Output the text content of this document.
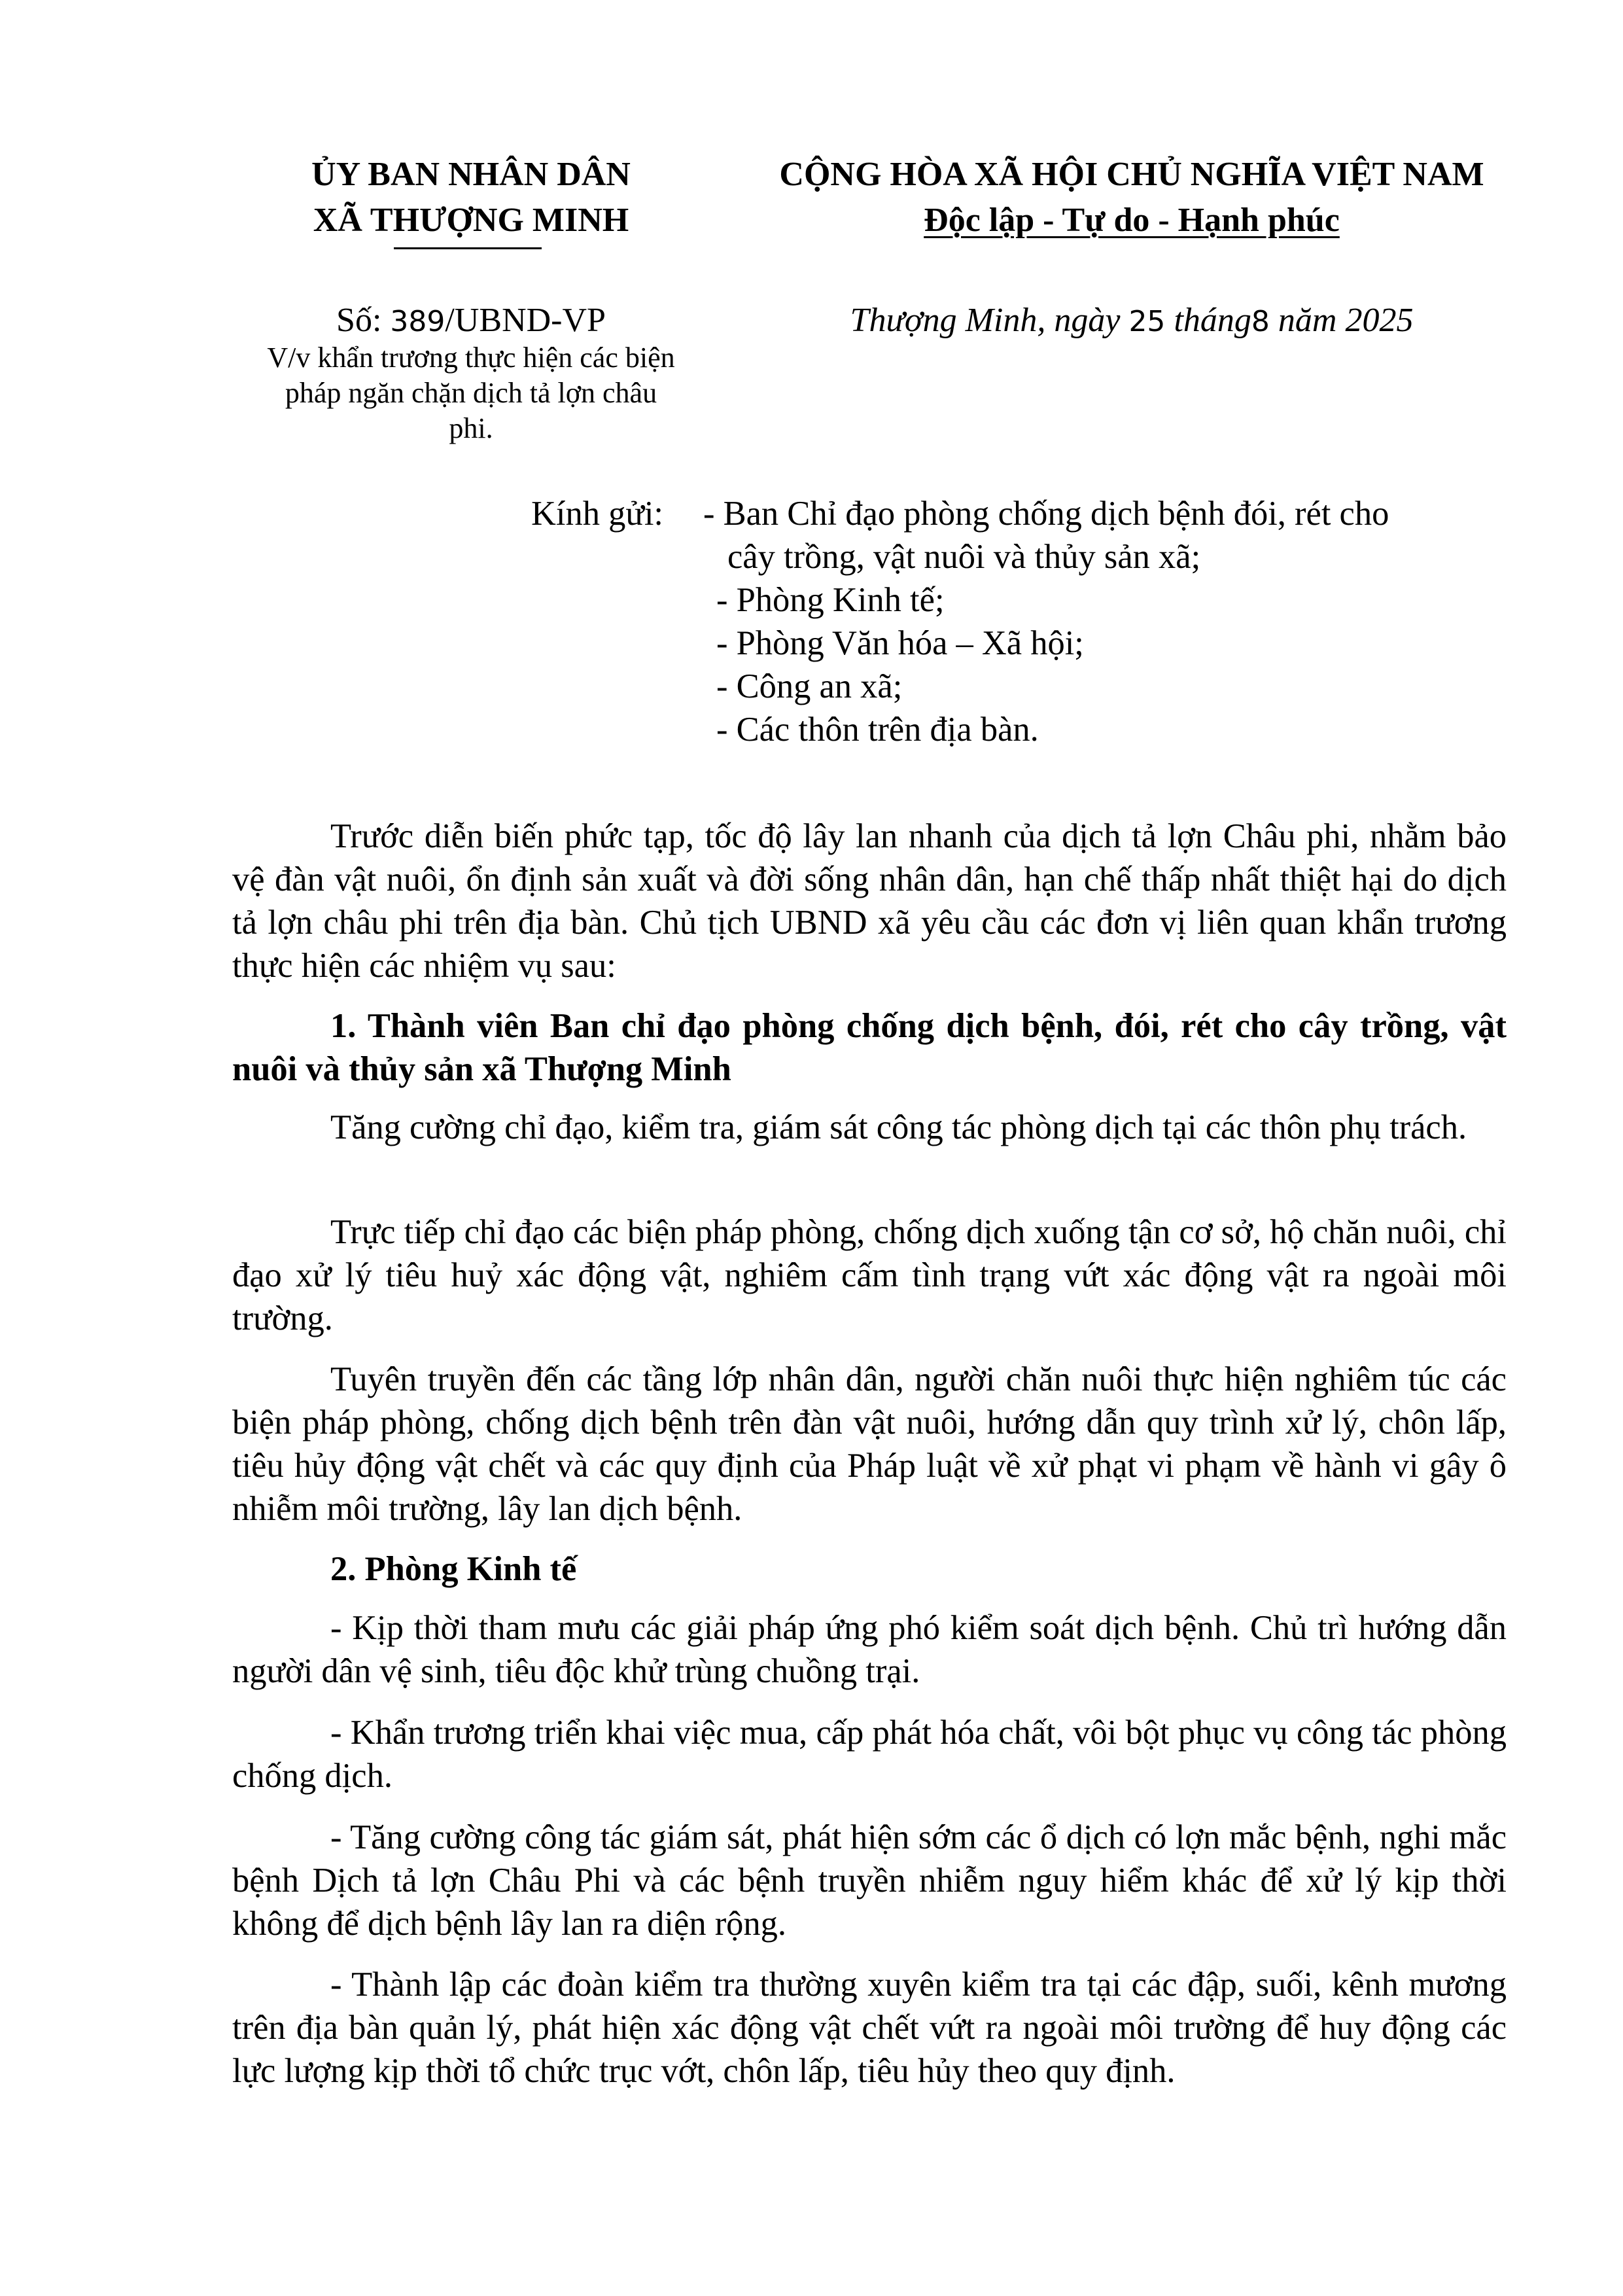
ỦY BAN NHÂN DÂN
XÃ THƯỢNG MINH
CỘNG HÒA XÃ HỘI CHỦ NGHĨA VIỆT NAM
Độc lập - Tự do - Hạnh phúc
Số: 389/UBND-VP
V/v khẩn trương thực hiện các biện pháp ngăn chặn dịch tả lợn châu phi.
Thượng Minh, ngày 25 tháng8 năm 2025
Kính gửi: - Ban Chỉ đạo phòng chống dịch bệnh đói, rét cho
cây trồng, vật nuôi và thủy sản xã;
- Phòng Kinh tế;
- Phòng Văn hóa – Xã hội;
- Công an xã;
- Các thôn trên địa bàn.
Trước diễn biến phức tạp, tốc độ lây lan nhanh của dịch tả lợn Châu phi, nhằm bảo vệ đàn vật nuôi, ổn định sản xuất và đời sống nhân dân, hạn chế thấp nhất thiệt hại do dịch tả lợn châu phi trên địa bàn. Chủ tịch UBND xã yêu cầu các đơn vị liên quan khẩn trương thực hiện các nhiệm vụ sau:
1. Thành viên Ban chỉ đạo phòng chống dịch bệnh, đói, rét cho cây trồng, vật nuôi và thủy sản xã Thượng Minh
Tăng cường chỉ đạo, kiểm tra, giám sát công tác phòng dịch tại các thôn phụ trách.
Trực tiếp chỉ đạo các biện pháp phòng, chống dịch xuống tận cơ sở, hộ chăn nuôi, chỉ đạo xử lý tiêu huỷ xác động vật, nghiêm cấm tình trạng vứt xác động vật ra ngoài môi trường.
Tuyên truyền đến các tầng lớp nhân dân, người chăn nuôi thực hiện nghiêm túc các biện pháp phòng, chống dịch bệnh trên đàn vật nuôi, hướng dẫn quy trình xử lý, chôn lấp, tiêu hủy động vật chết và các quy định của Pháp luật về xử phạt vi phạm về hành vi gây ô nhiễm môi trường, lây lan dịch bệnh.
2. Phòng Kinh tế
- Kịp thời tham mưu các giải pháp ứng phó kiểm soát dịch bệnh. Chủ trì hướng dẫn người dân vệ sinh, tiêu độc khử trùng chuồng trại.
- Khẩn trương triển khai việc mua, cấp phát hóa chất, vôi bột phục vụ công tác phòng chống dịch.
- Tăng cường công tác giám sát, phát hiện sớm các ổ dịch có lợn mắc bệnh, nghi mắc bệnh Dịch tả lợn Châu Phi và các bệnh truyền nhiễm nguy hiểm khác để xử lý kịp thời không để dịch bệnh lây lan ra diện rộng.
- Thành lập các đoàn kiểm tra thường xuyên kiểm tra tại các đập, suối, kênh mương trên địa bàn quản lý, phát hiện xác động vật chết vứt ra ngoài môi trường để huy động các lực lượng kịp thời tổ chức trục vớt, chôn lấp, tiêu hủy theo quy định.
